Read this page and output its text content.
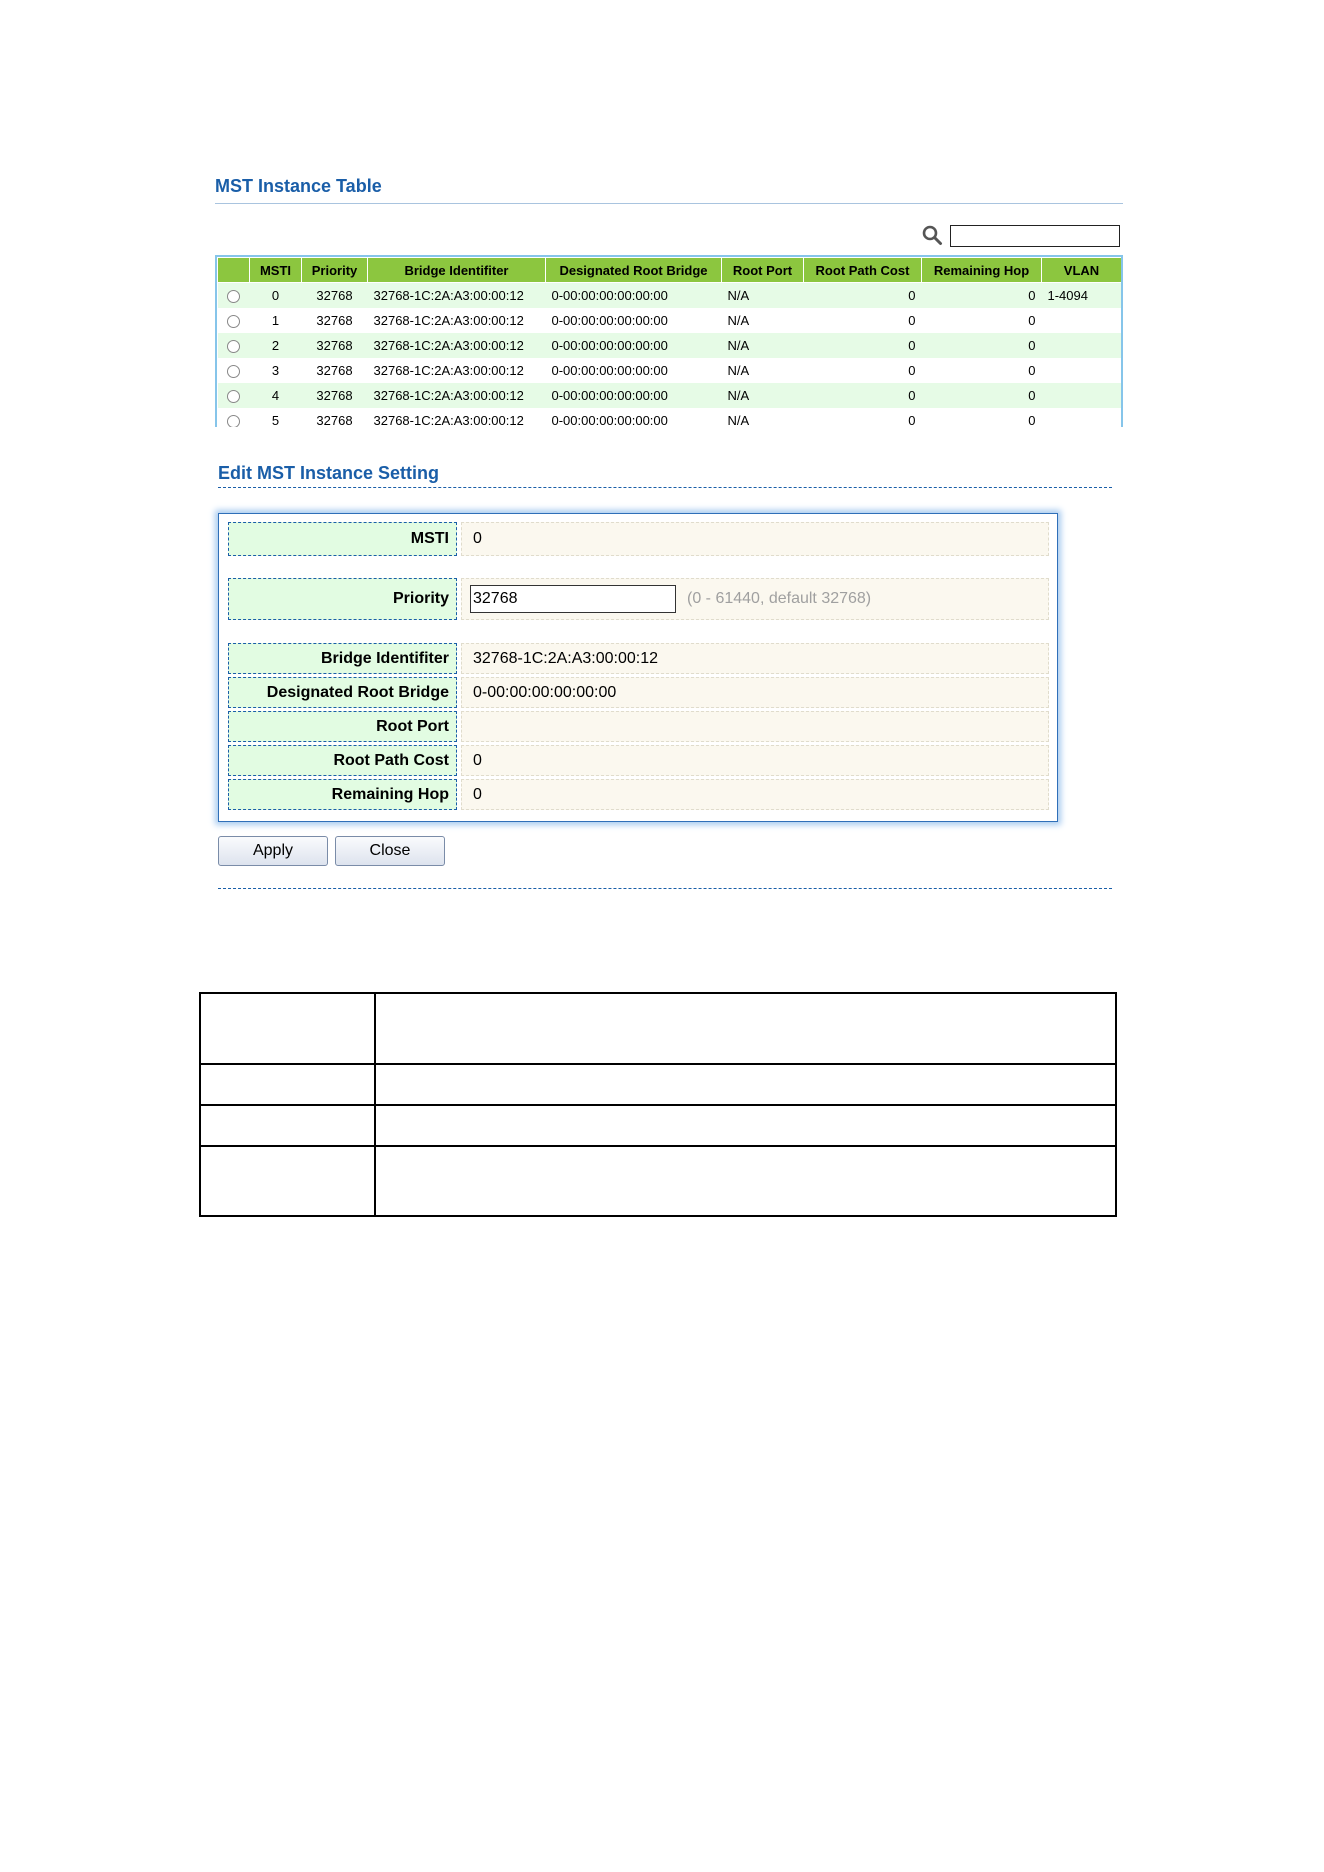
MST Instance Table
	MSTI	Priority	Bridge Identifiter	Designated Root Bridge	Root Port	Root Path Cost	Remaining Hop	VLAN
	0	32768	32768-1C:2A:A3:00:00:12	0-00:00:00:00:00:00	N/A	0	0	1-4094
	1	32768	32768-1C:2A:A3:00:00:12	0-00:00:00:00:00:00	N/A	0	0	
	2	32768	32768-1C:2A:A3:00:00:12	0-00:00:00:00:00:00	N/A	0	0	
	3	32768	32768-1C:2A:A3:00:00:12	0-00:00:00:00:00:00	N/A	0	0	
	4	32768	32768-1C:2A:A3:00:00:12	0-00:00:00:00:00:00	N/A	0	0	
	5	32768	32768-1C:2A:A3:00:00:12	0-00:00:00:00:00:00	N/A	0	0	
Edit MST Instance Setting
MSTI	0
Priority
32768	(0 - 61440, default 32768)
Bridge Identifiter	32768-1C:2A:A3:00:00:12
Designated Root Bridge	0-00:00:00:00:00:00
Root Port
Root Path Cost	0
Remaining Hop	0
Apply	Close
